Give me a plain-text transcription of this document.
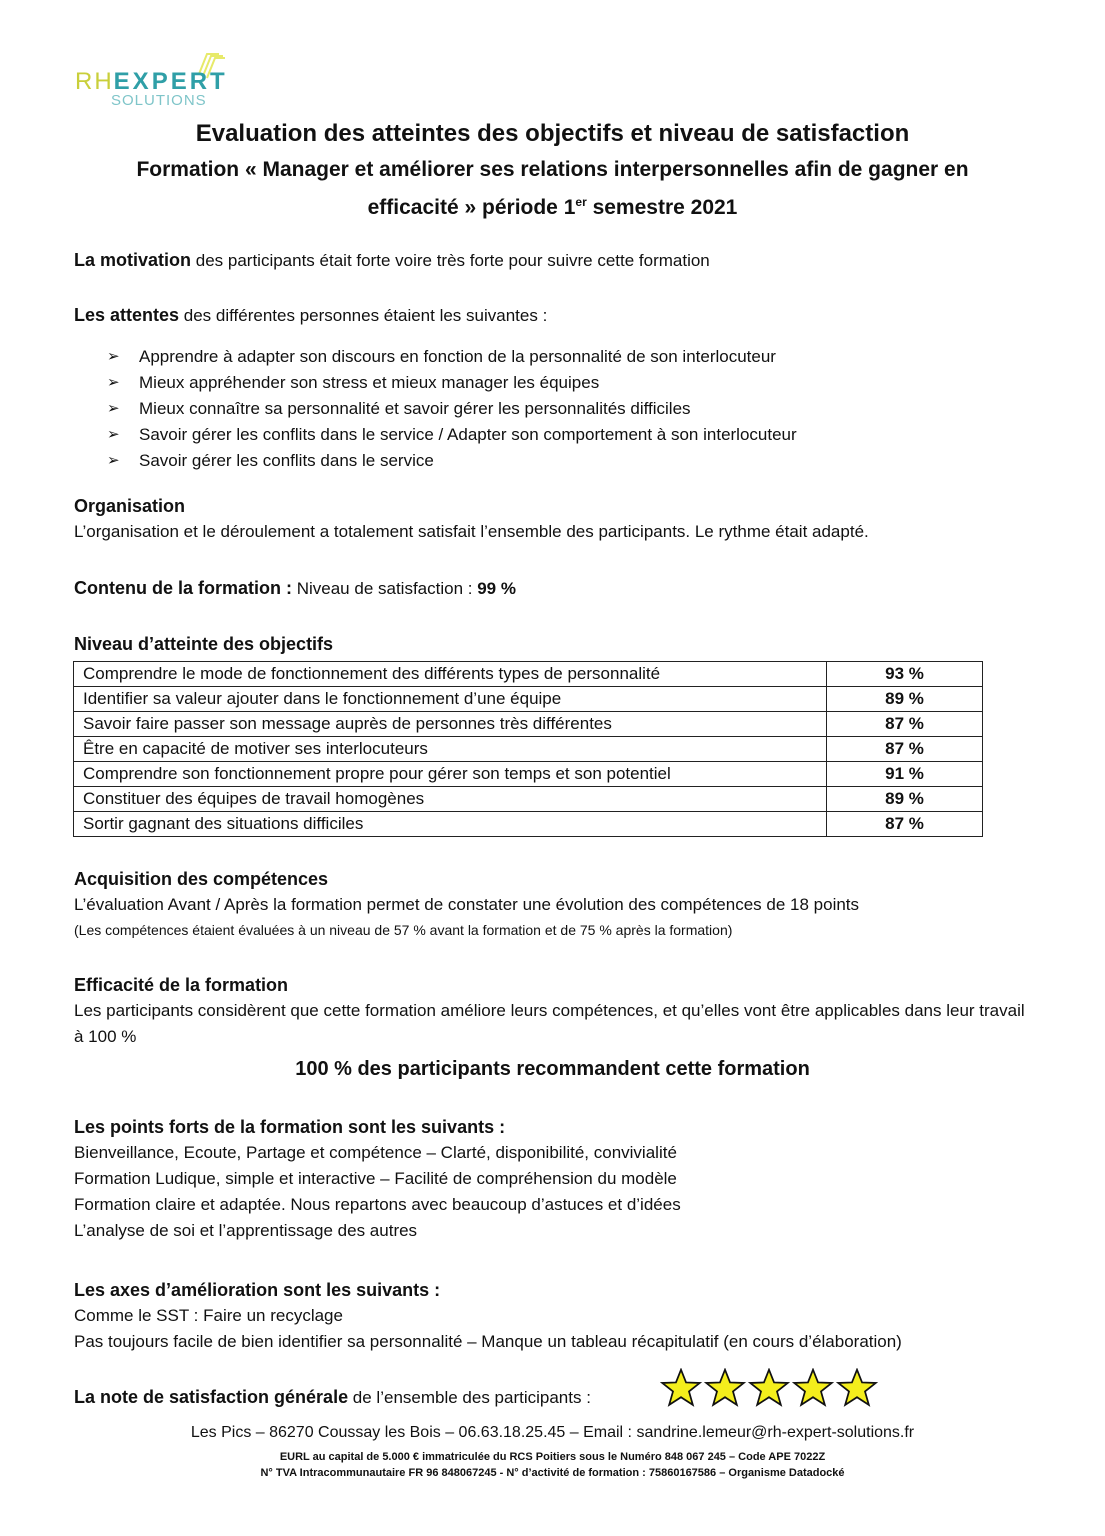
RHEXPERT
SOLUTIONS
Evaluation des atteintes des objectifs et niveau de satisfaction
Formation « Manager et améliorer ses relations interpersonnelles afin de gagner en efficacité » période 1er semestre 2021
La motivation des participants était forte voire très forte pour suivre cette formation
Les attentes des différentes personnes étaient les suivantes :
➢ Apprendre à adapter son discours en fonction de la personnalité de son interlocuteur
➢ Mieux appréhender son stress et mieux manager les équipes
➢ Mieux connaître sa personnalité et savoir gérer les personnalités difficiles
➢ Savoir gérer les conflits dans le service / Adapter son comportement à son interlocuteur
➢ Savoir gérer les conflits dans le service
Organisation
L’organisation et le déroulement a totalement satisfait l’ensemble des participants. Le rythme était adapté.
Contenu de la formation : Niveau de satisfaction : 99 %
Niveau d’atteinte des objectifs
Comprendre le mode de fonctionnement des différents types de personnalité	93 %
Identifier sa valeur ajouter dans le fonctionnement d’une équipe	89 %
Savoir faire passer son message auprès de personnes très différentes	87 %
Être en capacité de motiver ses interlocuteurs	87 %
Comprendre son fonctionnement propre pour gérer son temps et son potentiel	91 %
Constituer des équipes de travail homogènes	89 %
Sortir gagnant des situations difficiles	87 %
Acquisition des compétences
L’évaluation Avant / Après la formation permet de constater une évolution des compétences de 18 points
(Les compétences étaient évaluées à un niveau de 57 % avant la formation et de 75 % après la formation)
Efficacité de la formation
Les participants considèrent que cette formation améliore leurs compétences, et qu’elles vont être applicables dans leur travail à 100 %
100 % des participants recommandent cette formation
Les points forts de la formation sont les suivants :
Bienveillance, Ecoute, Partage et compétence – Clarté, disponibilité, convivialité
Formation Ludique, simple et interactive – Facilité de compréhension du modèle
Formation claire et adaptée. Nous repartons avec beaucoup d’astuces et d’idées
L’analyse de soi et l’apprentissage des autres
Les axes d’amélioration sont les suivants :
Comme le SST : Faire un recyclage
Pas toujours facile de bien identifier sa personnalité – Manque un tableau récapitulatif (en cours d’élaboration)
La note de satisfaction générale de l’ensemble des participants :
Les Pics – 86270 Coussay les Bois – 06.63.18.25.45 – Email : sandrine.lemeur@rh-expert-solutions.fr
EURL au capital de 5.000 € immatriculée du RCS Poitiers sous le Numéro 848 067 245 – Code APE 7022Z
N° TVA Intracommunautaire FR 96 848067245 - N° d’activité de formation : 75860167586 – Organisme Datadocké
